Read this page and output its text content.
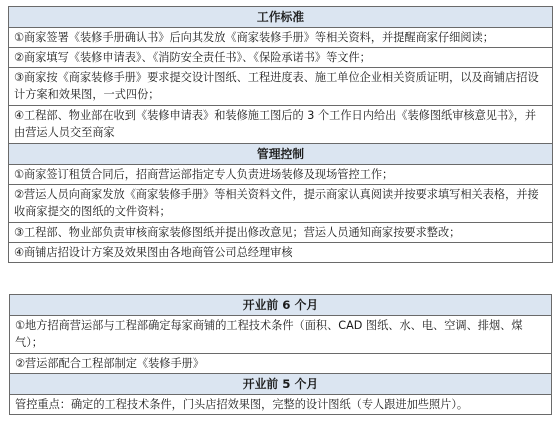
工作标准
①商家签署《装修手册确认书》后向其发放《商家装修手册》等相关资料，并提醒商家仔细阅读；
②商家填写《装修申请表》、《消防安全责任书》、《保险承诺书》等文件；
③商家按《商家装修手册》要求提交设计图纸、工程进度表、施工单位企业相关资质证明，以及商铺店招设计方案和效果图，一式四份；
④工程部、物业部在收到《装修申请表》和装修施工图后的 3 个工作日内给出《装修图纸审核意见书》，并由营运人员交至商家
管理控制
①商家签订租赁合同后，招商营运部指定专人负责进场装修及现场管控工作；
②营运人员向商家发放《商家装修手册》等相关资料文件，提示商家认真阅读并按要求填写相关表格，并接收商家提交的图纸的文件资料；
③工程部、物业部负责审核商家装修图纸并提出修改意见；营运人员通知商家按要求整改；
④商铺店招设计方案及效果图由各地商管公司总经理审核
开业前 6 个月
①地方招商营运部与工程部确定每家商铺的工程技术条件（面积、CAD 图纸、水、电、空调、排烟、煤气）；
②营运部配合工程部制定《装修手册》
开业前 5 个月
管控重点：确定的工程技术条件，门头店招效果图，完整的设计图纸（专人跟进加些照片）。
